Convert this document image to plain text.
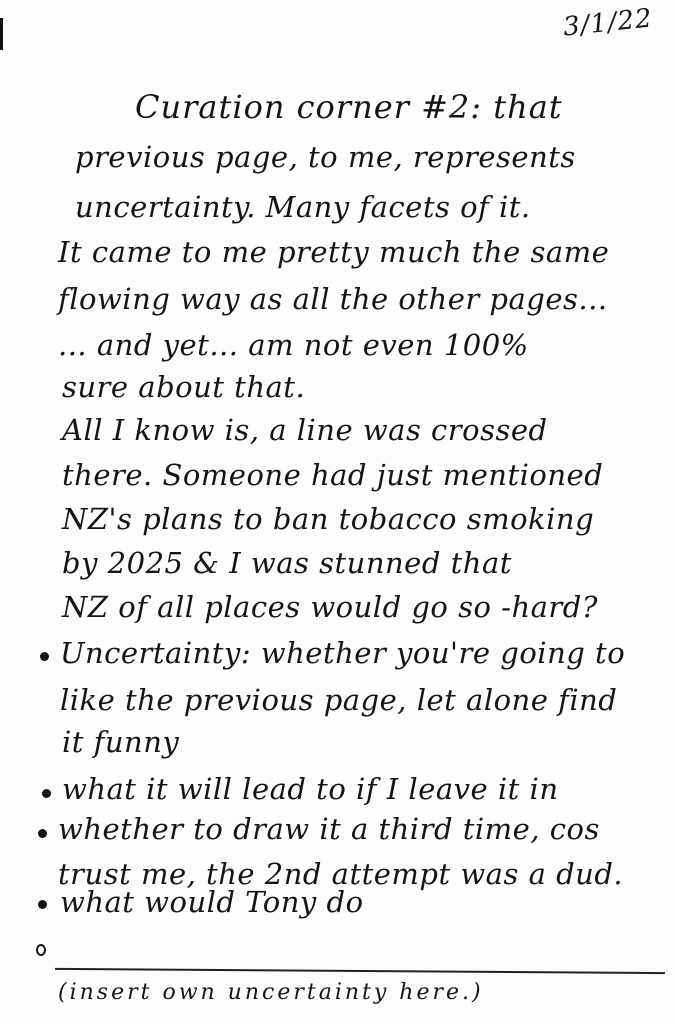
3/1/22
Curation corner #2: that
previous page, to me, represents
uncertainty. Many facets of it.
It came to me pretty much the same
flowing way as all the other pages...
... and yet... am not even 100%
sure about that.
All I know is, a line was crossed
there. Someone had just mentioned
NZ's plans to ban tobacco smoking
by 2025 & I was stunned that
NZ of all places would go so -hard?
Uncertainty: whether you're going to
like the previous page, let alone find
it funny
what it will lead to if I leave it in
whether to draw it a third time, cos
trust me, the 2nd attempt was a dud.
what would Tony do
(insert own uncertainty here.)
